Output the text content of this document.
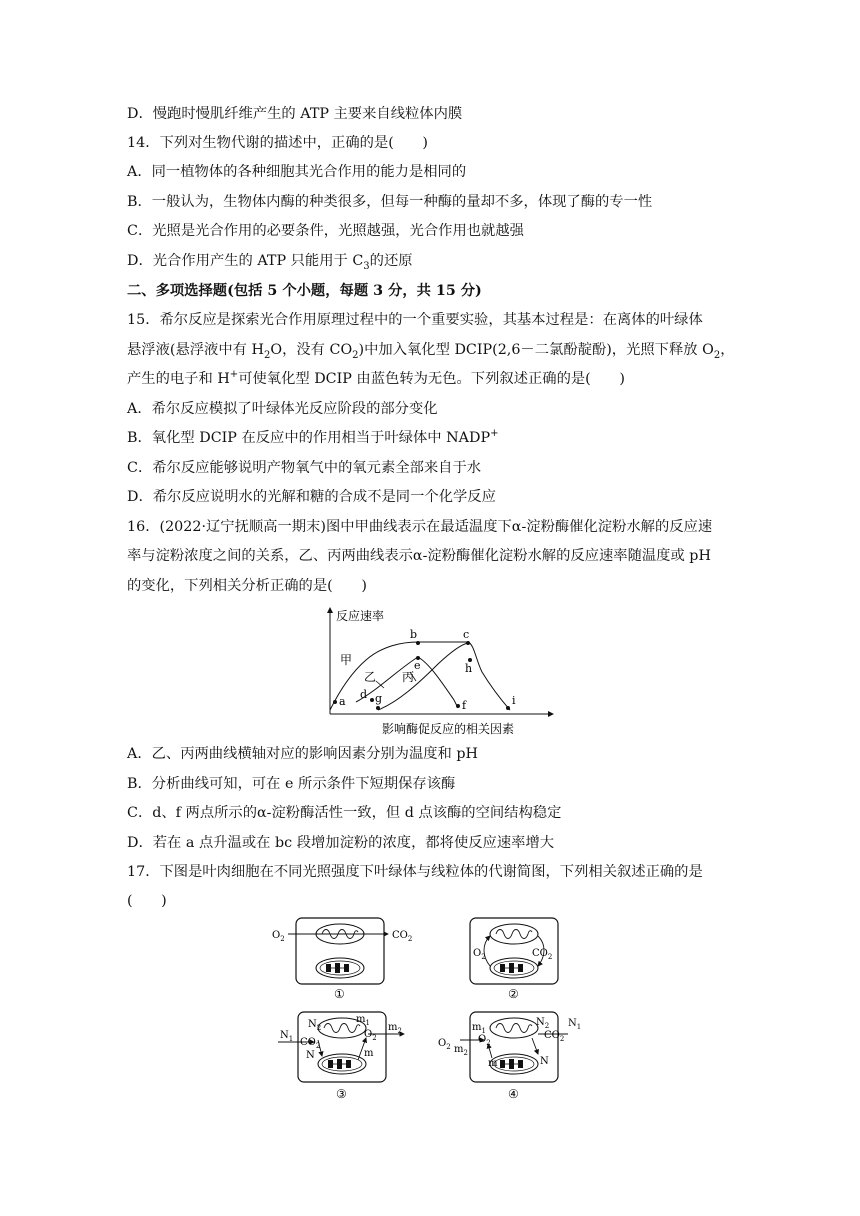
D．慢跑时慢肌纤维产生的 ATP 主要来自线粒体内膜
14．下列对生物代谢的描述中，正确的是(　　)
A．同一植物体的各种细胞其光合作用的能力是相同的
B．一般认为，生物体内酶的种类很多，但每一种酶的量却不多，体现了酶的专一性
C．光照是光合作用的必要条件，光照越强，光合作用也就越强
D．光合作用产生的 ATP 只能用于 $C_3$的还原
二、多项选择题(包括 5 个小题，每题 3 分，共 15 分)
15．希尔反应是探索光合作用原理过程中的一个重要实验，其基本过程是：在离体的叶绿体
悬浮液(悬浮液中有 $H_2O$，没有 $CO_2$)中加入氧化型 DCIP(2,6－二氯酚靛酚)，光照下释放 $O_2$，
产生的电子和 H+可使氧化型 DCIP 由蓝色转为无色。下列叙述正确的是(　　)
A．希尔反应模拟了叶绿体光反应阶段的部分变化
B．氧化型 DCIP 在反应中的作用相当于叶绿体中 NADP+
C．希尔反应能够说明产物氧气中的氧元素全部来自于水
D．希尔反应说明水的光解和糖的合成不是同一个化学反应
16．(2022·辽宁抚顺高一期末)图中甲曲线表示在最适温度下α-淀粉酶催化淀粉水解的反应速
率与淀粉浓度之间的关系，乙、丙两曲线表示α-淀粉酶催化淀粉水解的反应速率随温度或 pH
的变化，下列相关分析正确的是(　　)
反应速率
影响酶促反应的相关因素
甲
乙 丙
a
b	c
d
e
f
g
h
i
A．乙、丙两曲线横轴对应的影响因素分别为温度和 pH
B．分析曲线可知，可在 e 所示条件下短期保存该酶
C．d、f 两点所示的α-淀粉酶活性一致，但 d 点该酶的空间结构稳定
D．若在 a 点升温或在 bc 段增加淀粉的浓度，都将使反应速率增大
17．下图是叶肉细胞在不同光照强度下叶绿体与线粒体的代谢简图，下列相关叙述正确的是
(　　)
$O_2$	$CO_2$
①
$O_2$	$CO_2$
②
$N_1$ $CO_2$
$N_2$
$m_1$
$O_2$
$m_2$
N	m
③
$O_2$ $m_2$
$m_1$
$O_2$
$N_2$
$CO_2$
m	N
④
$N_1$
